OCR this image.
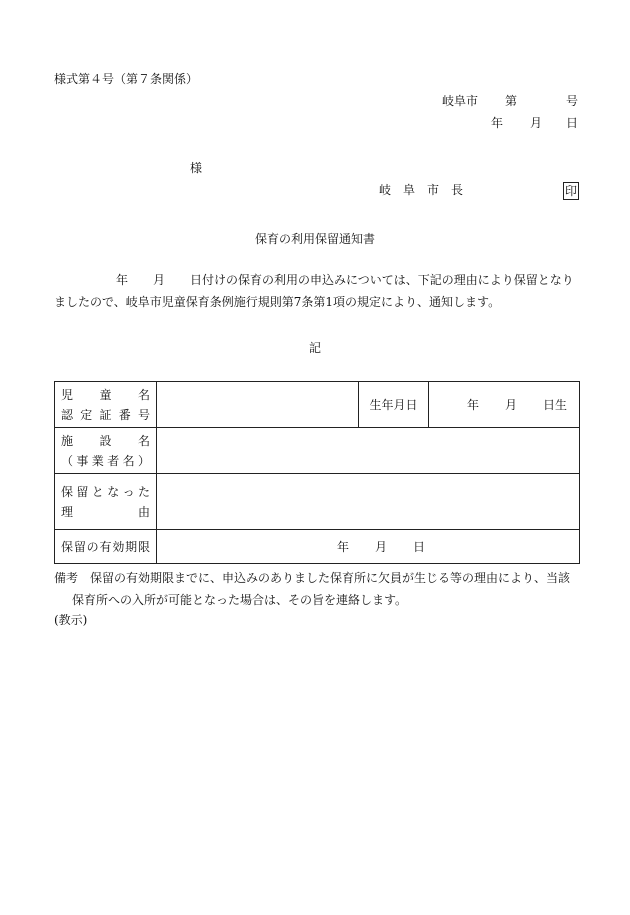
様式第４号（第７条関係）
岐阜市 第	号
年 月 日
様
岐　阜　市　長	印
保育の利用保留通知書
年 月 日付けの保育の利用の申込みについては、下記の理由により保留となりましたので、岐阜市児童保育条例施行規則第7条第1項の規定により、通知します。
記
児　　童　　名
認定証番号		生年月日	年 月 日生

施　　設　　名
（事業者名）			

保留となった
理　　　　由			

保留の有効期限	年 月 日		
備考　保留の有効期限までに、申込みのありました保育所に欠員が生じる等の理由により、当該保育所への入所が可能となった場合は、その旨を連絡します。
(教示)
